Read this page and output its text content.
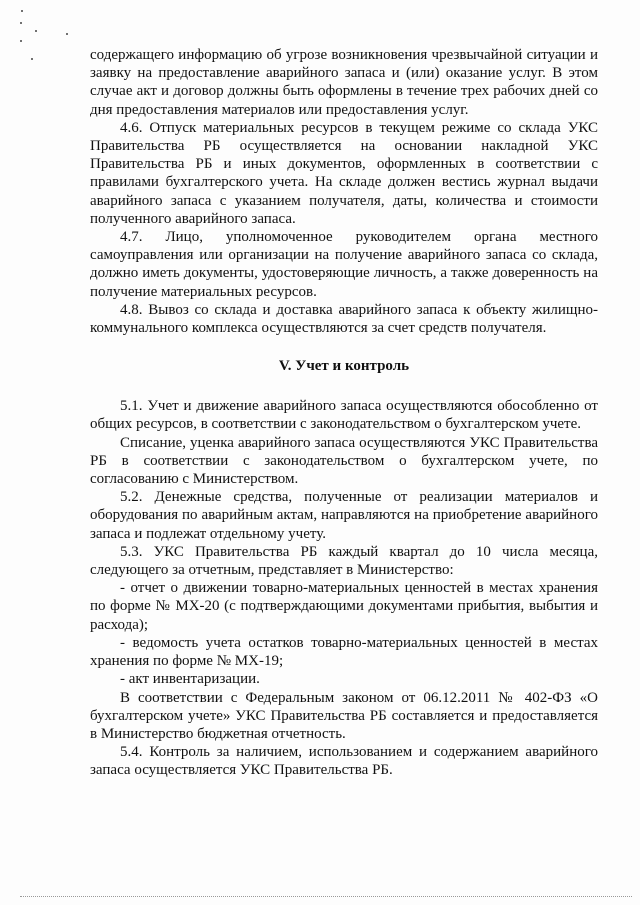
содержащего информацию об угрозе возникновения чрезвычайной ситуации и заявку на предоставление аварийного запаса и (или) оказание услуг. В этом случае акт и договор должны быть оформлены в течение трех рабочих дней со дня предоставления материалов или предоставления услуг.

4.6. Отпуск материальных ресурсов в текущем режиме со склада УКС Правительства РБ осуществляется на основании накладной УКС Правительства РБ и иных документов, оформленных в соответствии с правилами бухгалтерского учета. На складе должен вестись журнал выдачи аварийного запаса с указанием получателя, даты, количества и стоимости полученного аварийного запаса.

4.7. Лицо, уполномоченное руководителем органа местного самоуправления или организации на получение аварийного запаса со склада, должно иметь документы, удостоверяющие личность, а также доверенность на получение материальных ресурсов.

4.8. Вывоз со склада и доставка аварийного запаса к объекту жилищно-коммунального комплекса осуществляются за счет средств получателя.

V. Учет и контроль

5.1. Учет и движение аварийного запаса осуществляются обособленно от общих ресурсов, в соответствии с законодательством о бухгалтерском учете.

Списание, уценка аварийного запаса осуществляются УКС Правительства РБ в соответствии с законодательством о бухгалтерском учете, по согласованию с Министерством.

5.2. Денежные средства, полученные от реализации материалов и оборудования по аварийным актам, направляются на приобретение аварийного запаса и подлежат отдельному учету.

5.3. УКС Правительства РБ каждый квартал до 10 числа месяца, следующего за отчетным, представляет в Министерство:

- отчет о движении товарно-материальных ценностей в местах хранения по форме № МХ-20 (с подтверждающими документами прибытия, выбытия и расхода);

- ведомость учета остатков товарно-материальных ценностей в местах хранения по форме № МХ-19;

- акт инвентаризации.

В соответствии с Федеральным законом от 06.12.2011 № 402-ФЗ «О бухгалтерском учете» УКС Правительства РБ составляется и предоставляется в Министерство бюджетная отчетность.

5.4. Контроль за наличием, использованием и содержанием аварийного запаса осуществляется УКС Правительства РБ.
